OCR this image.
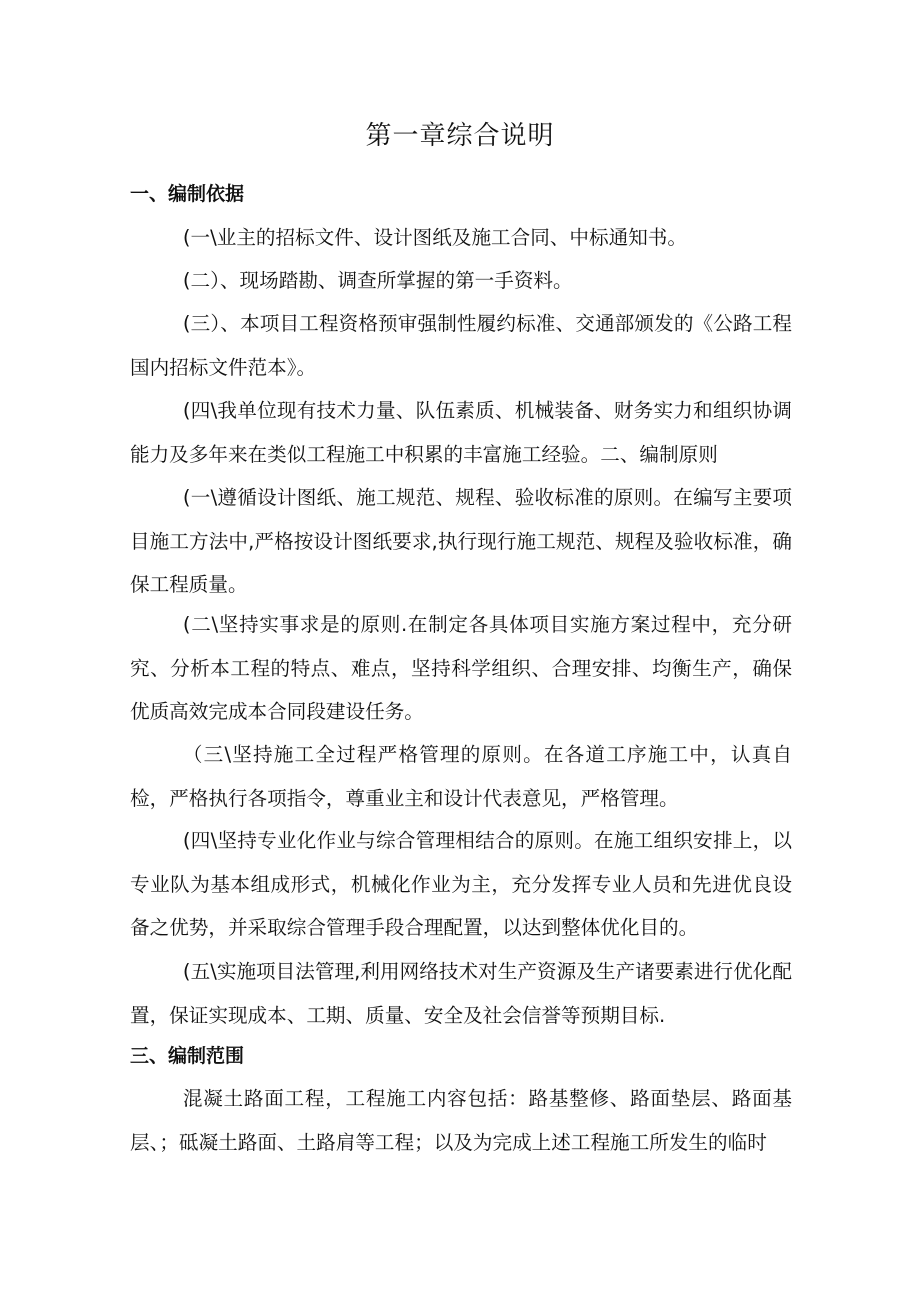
第一章综合说明
一、编制依据

(一\业主的招标文件、设计图纸及施工合同、中标通知书。

(二）、现场踏勘、调查所掌握的第一手资料。

(三）、本项目工程资格预审强制性履约标准、交通部颁发的《公路工程国内招标文件范本》。

(四\我单位现有技术力量、队伍素质、机械装备、财务实力和组织协调能力及多年来在类似工程施工中积累的丰富施工经验。二、编制原则

(一\遵循设计图纸、施工规范、规程、验收标准的原则。在编写主要项目施工方法中,严格按设计图纸要求,执行现行施工规范、规程及验收标准，确保工程质量。

(二\坚持实事求是的原则.在制定各具体项目实施方案过程中，充分研究、分析本工程的特点、难点，坚持科学组织、合理安排、均衡生产，确保优质高效完成本合同段建设任务。

（三\坚持施工全过程严格管理的原则。在各道工序施工中，认真自检，严格执行各项指令，尊重业主和设计代表意见，严格管理。

(四\坚持专业化作业与综合管理相结合的原则。在施工组织安排上，以专业队为基本组成形式，机械化作业为主，充分发挥专业人员和先进优良设备之优势，并采取综合管理手段合理配置，以达到整体优化目的。

(五\实施项目法管理,利用网络技术对生产资源及生产诸要素进行优化配置，保证实现成本、工期、质量、安全及社会信誉等预期目标.

三、编制范围

混凝土路面工程，工程施工内容包括：路基整修、路面垫层、路面基层、；砥凝土路面、土路肩等工程；以及为完成上述工程施工所发生的临时
